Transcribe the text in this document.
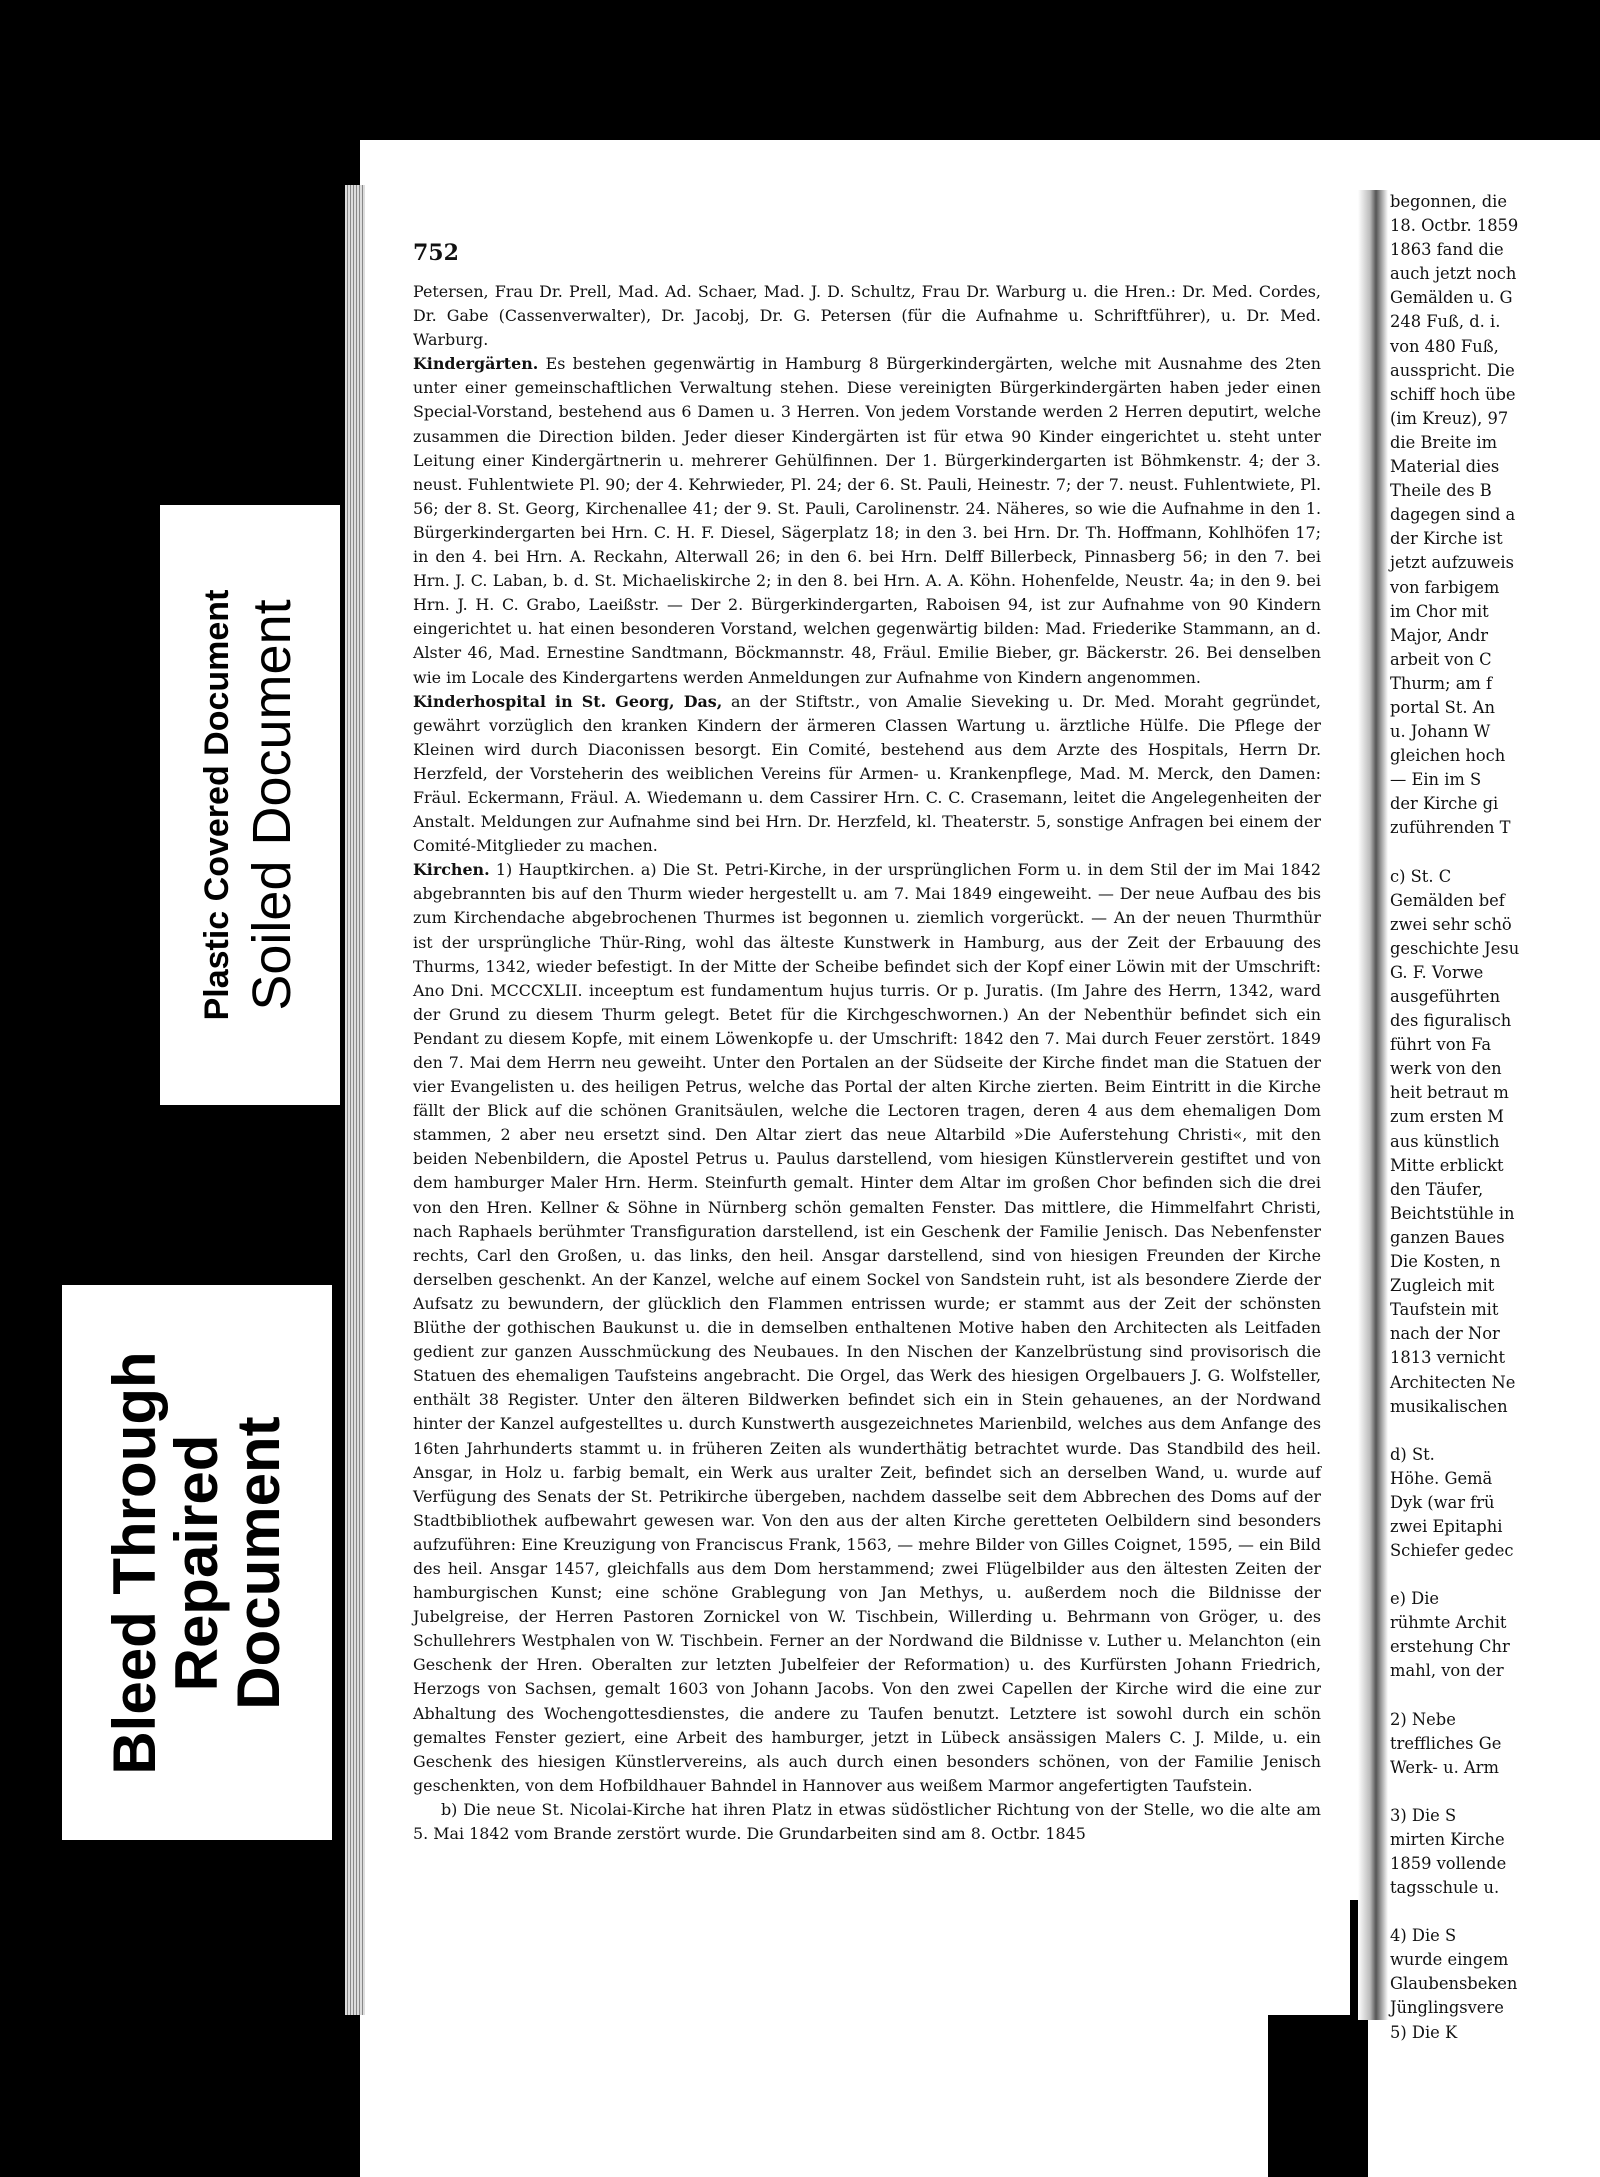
752

Petersen, Frau Dr. Prell, Mad. Ad. Schaer, Mad. J. D. Schultz, Frau Dr. Warburg u. die Hren.: Dr. Med. Cordes, Dr. Gabe (Cassenverwalter), Dr. Jacobj, Dr. G. Petersen (für die Aufnahme u. Schriftführer), u. Dr. Med. Warburg.

Kindergärten. Es bestehen gegenwärtig in Hamburg 8 Bürgerkindergärten, welche mit Ausnahme des 2ten unter einer gemeinschaftlichen Verwaltung stehen. Diese vereinigten Bürgerkindergärten haben jeder einen Special-Vorstand, bestehend aus 6 Damen u. 3 Herren. Von jedem Vorstande werden 2 Herren deputirt, welche zusammen die Direction bilden. Jeder dieser Kindergärten ist für etwa 90 Kinder eingerichtet u. steht unter Leitung einer Kindergärtnerin u. mehrerer Gehülfinnen. Der 1. Bürgerkindergarten ist Böhmkenstr. 4; der 3. neust. Fuhlentwiete Pl. 90; der 4. Kehrwieder, Pl. 24; der 6. St. Pauli, Heinestr. 7; der 7. neust. Fuhlentwiete, Pl. 56; der 8. St. Georg, Kirchenallee 41; der 9. St. Pauli, Carolinenstr. 24. Näheres, so wie die Aufnahme in den 1. Bürgerkindergarten bei Hrn. C. H. F. Diesel, Sägerplatz 18; in den 3. bei Hrn. Dr. Th. Hoffmann, Kohlhöfen 17; in den 4. bei Hrn. A. Reckahn, Alterwall 26; in den 6. bei Hrn. Delff Billerbeck, Pinnasberg 56; in den 7. bei Hrn. J. C. Laban, b. d. St. Michaeliskirche 2; in den 8. bei Hrn. A. A. Köhn. Hohenfelde, Neustr. 4a; in den 9. bei Hrn. J. H. C. Grabo, Laeißstr. — Der 2. Bürgerkindergarten, Raboisen 94, ist zur Aufnahme von 90 Kindern eingerichtet u. hat einen besonderen Vorstand, welchen gegenwärtig bilden: Mad. Friederike Stammann, an d. Alster 46, Mad. Ernestine Sandtmann, Böckmannstr. 48, Fräul. Emilie Bieber, gr. Bäckerstr. 26. Bei denselben wie im Locale des Kindergartens werden Anmeldungen zur Aufnahme von Kindern angenommen.

Kinderhospital in St. Georg, Das, an der Stiftstr., von Amalie Sieveking u. Dr. Med. Moraht gegründet, gewährt vorzüglich den kranken Kindern der ärmeren Classen Wartung u. ärztliche Hülfe. Die Pflege der Kleinen wird durch Diaconissen besorgt. Ein Comité, bestehend aus dem Arzte des Hospitals, Herrn Dr. Herzfeld, der Vorsteherin des weiblichen Vereins für Armen- u. Krankenpflege, Mad. M. Merck, den Damen: Fräul. Eckermann, Fräul. A. Wiedemann u. dem Cassirer Hrn. C. C. Crasemann, leitet die Angelegenheiten der Anstalt. Meldungen zur Aufnahme sind bei Hrn. Dr. Herzfeld, kl. Theaterstr. 5, sonstige Anfragen bei einem der Comité-Mitglieder zu machen.

Kirchen. 1) Hauptkirchen. a) Die St. Petri-Kirche, in der ursprünglichen Form u. in dem Stil der im Mai 1842 abgebrannten bis auf den Thurm wieder hergestellt u. am 7. Mai 1849 eingeweiht. — Der neue Aufbau des bis zum Kirchendache abgebrochenen Thurmes ist begonnen u. ziemlich vorgerückt. — An der neuen Thurmthür ist der ursprüngliche Thür-Ring, wohl das älteste Kunstwerk in Hamburg, aus der Zeit der Erbauung des Thurms, 1342, wieder befestigt. In der Mitte der Scheibe befindet sich der Kopf einer Löwin mit der Umschrift: Ano Dni. MCCCXLII. inceeptum est fundamentum hujus turris. Or p. Juratis. (Im Jahre des Herrn, 1342, ward der Grund zu diesem Thurm gelegt. Betet für die Kirchgeschwornen.) An der Nebenthür befindet sich ein Pendant zu diesem Kopfe, mit einem Löwenkopfe u. der Umschrift: 1842 den 7. Mai durch Feuer zerstört. 1849 den 7. Mai dem Herrn neu geweiht. Unter den Portalen an der Südseite der Kirche findet man die Statuen der vier Evangelisten u. des heiligen Petrus, welche das Portal der alten Kirche zierten. Beim Eintritt in die Kirche fällt der Blick auf die schönen Granitsäulen, welche die Lectoren tragen, deren 4 aus dem ehemaligen Dom stammen, 2 aber neu ersetzt sind. Den Altar ziert das neue Altarbild »Die Auferstehung Christi«, mit den beiden Nebenbildern, die Apostel Petrus u. Paulus darstellend, vom hiesigen Künstlerverein gestiftet und von dem hamburger Maler Hrn. Herm. Steinfurth gemalt. Hinter dem Altar im großen Chor befinden sich die drei von den Hren. Kellner & Söhne in Nürnberg schön gemalten Fenster. Das mittlere, die Himmelfahrt Christi, nach Raphaels berühmter Transfiguration darstellend, ist ein Geschenk der Familie Jenisch. Das Nebenfenster rechts, Carl den Großen, u. das links, den heil. Ansgar darstellend, sind von hiesigen Freunden der Kirche derselben geschenkt. An der Kanzel, welche auf einem Sockel von Sandstein ruht, ist als besondere Zierde der Aufsatz zu bewundern, der glücklich den Flammen entrissen wurde; er stammt aus der Zeit der schönsten Blüthe der gothischen Baukunst u. die in demselben enthaltenen Motive haben den Architecten als Leitfaden gedient zur ganzen Ausschmückung des Neubaues. In den Nischen der Kanzelbrüstung sind provisorisch die Statuen des ehemaligen Taufsteins angebracht. Die Orgel, das Werk des hiesigen Orgelbauers J. G. Wolfsteller, enthält 38 Register. Unter den älteren Bildwerken befindet sich ein in Stein gehauenes, an der Nordwand hinter der Kanzel aufgestelltes u. durch Kunstwerth ausgezeichnetes Marienbild, welches aus dem Anfange des 16ten Jahrhunderts stammt u. in früheren Zeiten als wunderthätig betrachtet wurde. Das Standbild des heil. Ansgar, in Holz u. farbig bemalt, ein Werk aus uralter Zeit, befindet sich an derselben Wand, u. wurde auf Verfügung des Senats der St. Petrikirche übergeben, nachdem dasselbe seit dem Abbrechen des Doms auf der Stadtbibliothek aufbewahrt gewesen war. Von den aus der alten Kirche geretteten Oelbildern sind besonders aufzuführen: Eine Kreuzigung von Franciscus Frank, 1563, — mehre Bilder von Gilles Coignet, 1595, — ein Bild des heil. Ansgar 1457, gleichfalls aus dem Dom herstammend; zwei Flügelbilder aus den ältesten Zeiten der hamburgischen Kunst; eine schöne Grablegung von Jan Methys, u. außerdem noch die Bildnisse der Jubelgreise, der Herren Pastoren Zornickel von W. Tischbein, Willerding u. Behrmann von Gröger, u. des Schullehrers Westphalen von W. Tischbein. Ferner an der Nordwand die Bildnisse v. Luther u. Melanchton (ein Geschenk der Hren. Oberalten zur letzten Jubelfeier der Reformation) u. des Kurfürsten Johann Friedrich, Herzogs von Sachsen, gemalt 1603 von Johann Jacobs. Von den zwei Capellen der Kirche wird die eine zur Abhaltung des Wochengottesdienstes, die andere zu Taufen benutzt. Letztere ist sowohl durch ein schön gemaltes Fenster geziert, eine Arbeit des hamburger, jetzt in Lübeck ansässigen Malers C. J. Milde, u. ein Geschenk des hiesigen Künstlervereins, als auch durch einen besonders schönen, von der Familie Jenisch geschenkten, von dem Hofbildhauer Bahndel in Hannover aus weißem Marmor angefertigten Taufstein.

b) Die neue St. Nicolai-Kirche hat ihren Platz in etwas südöstlicher Richtung von der Stelle, wo die alte am 5. Mai 1842 vom Brande zerstört wurde. Die Grundarbeiten sind am 8. Octbr. 1845

begonnen, die

18. Octbr. 1859

1863 fand die

auch jetzt noch

Gemälden u. G

248 Fuß, d. i.

von 480 Fuß,

ausspricht. Die

schiff hoch übe

(im Kreuz), 97

die Breite im

Material dies

Theile des B

dagegen sind a

der Kirche ist

jetzt aufzuweis

von farbigem

im Chor mit

Major, Andr

arbeit von C

Thurm; am f

portal St. An

u. Johann W

gleichen hoch

— Ein im S

der Kirche gi

zuführenden T

c) St. C

Gemälden bef

zwei sehr schö

geschichte Jesu

G. F. Vorwe

ausgeführten

des figuralisch

führt von Fa

werk von den

heit betraut m

zum ersten M

aus künstlich

Mitte erblickt

den Täufer,

Beichtstühle in

ganzen Baues

Die Kosten, n

Zugleich mit

Taufstein mit

nach der Nor

1813 vernicht

Architecten Ne

musikalischen

d) St.

Höhe. Gemä

Dyk (war frü

zwei Epitaphi

Schiefer gedec

e) Die

rühmte Archit

erstehung Chr

mahl, von der

2) Nebe

treffliches Ge

Werk- u. Arm

3) Die S

mirten Kirche

1859 vollende

tagsschule u.

4) Die S

wurde eingem

Glaubensbeken

Jünglingsvere

5) Die K

Plastic Covered Document Soiled Document
Bleed Through
Repaired
Document
